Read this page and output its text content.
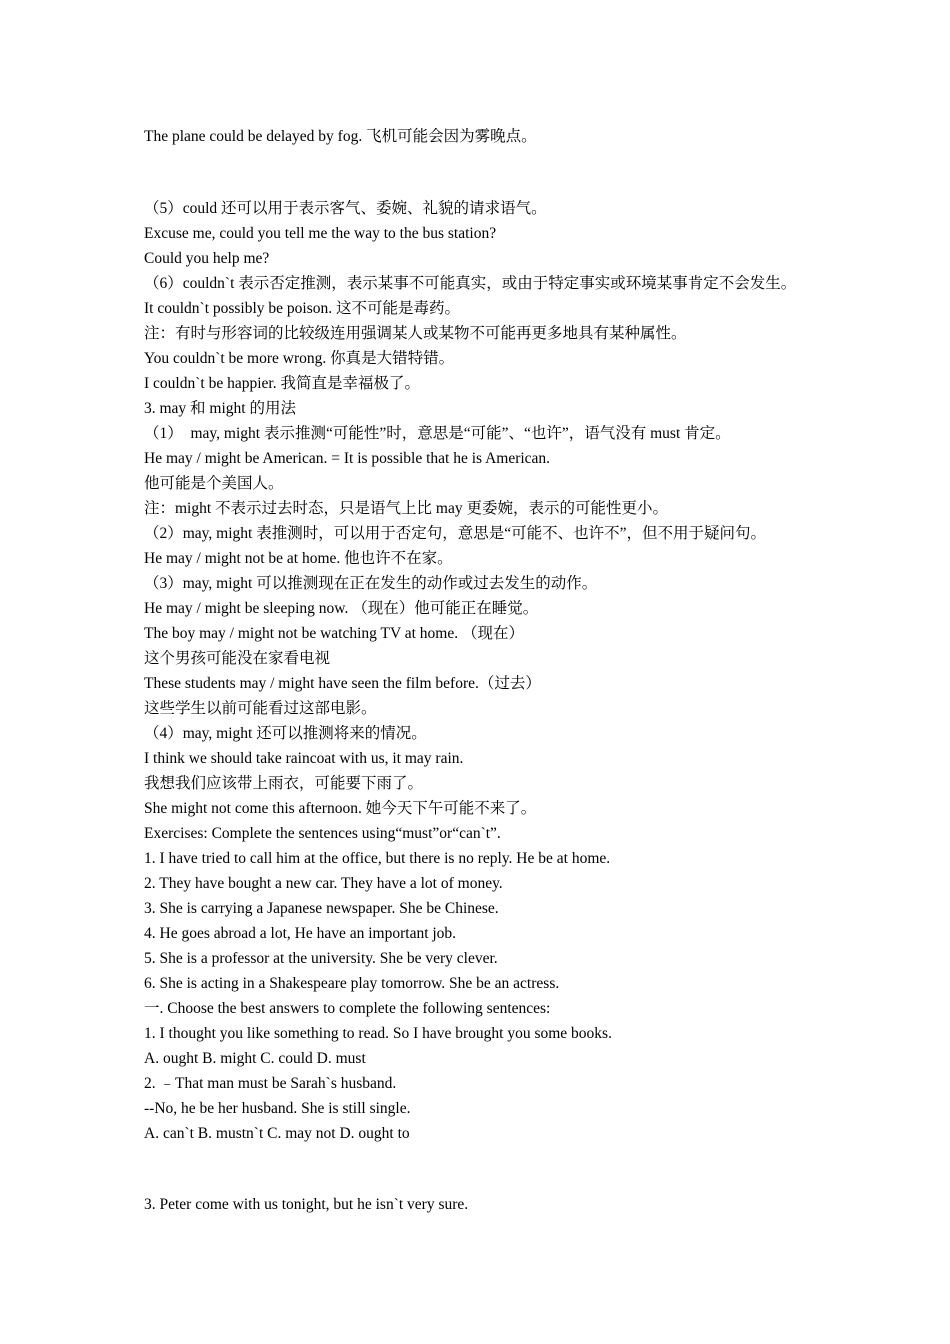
The plane could be delayed by fog. 飞机可能会因为雾晚点。
（5）could 还可以用于表示客气、委婉、礼貌的请求语气。
Excuse me, could you tell me the way to the bus station?
Could you help me?
（6）couldn`t 表示否定推测，表示某事不可能真实，或由于特定事实或环境某事肯定不会发生。
It couldn`t possibly be poison. 这不可能是毒药。
注：有时与形容词的比较级连用强调某人或某物不可能再更多地具有某种属性。
You couldn`t be more wrong. 你真是大错特错。
I couldn`t be happier. 我简直是幸福极了。
3. may 和 might 的用法
（1）　may, might 表示推测“可能性”时，意思是“可能”、“也许”，语气没有 must 肯定。
He may / might be American. = It is possible that he is American.
他可能是个美国人。
注：might 不表示过去时态，只是语气上比 may 更委婉，表示的可能性更小。
（2）may, might 表推测时，可以用于否定句，意思是“可能不、也许不”，但不用于疑问句。
He may / might not be at home. 他也许不在家。
（3）may, might 可以推测现在正在发生的动作或过去发生的动作。
He may / might be sleeping now. （现在）他可能正在睡觉。
The boy may / might not be watching TV at home. （现在）
这个男孩可能没在家看电视
These students may / might have seen the film before.（过去）
这些学生以前可能看过这部电影。
（4）may, might 还可以推测将来的情况。
I think we should take raincoat with us, it may rain.
我想我们应该带上雨衣，可能要下雨了。
She might not come this afternoon. 她今天下午可能不来了。
Exercises: Complete the sentences using“must”or“can`t”.
1. I have tried to call him at the office, but there is no reply. He be at home.
2. They have bought a new car. They have a lot of money.
3. She is carrying a Japanese newspaper. She be Chinese.
4. He goes abroad a lot, He have an important job.
5. She is a professor at the university. She be very clever.
6. She is acting in a Shakespeare play tomorrow. She be an actress.
一. Choose the best answers to complete the following sentences:
1. I thought you like something to read. So I have brought you some books.
A. ought B. might C. could D. must
2. ﹣That man must be Sarah`s husband.
--No, he be her husband. She is still single.
A. can`t B. mustn`t C. may not D. ought to
3. Peter come with us tonight, but he isn`t very sure.
